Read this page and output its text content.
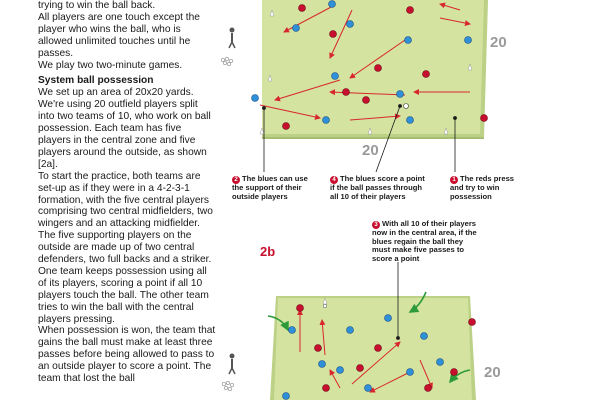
trying to win the ball back.

All players are one touch except the player who wins the ball, who is allowed unlimited touches until he passes.

We play two two-minute games.

System ball possession

We set up an area of 20x20 yards. We're using 20 outfield players split into two teams of 10, who work on ball possession. Each team has five players in the central zone and five players around the outside, as shown [2a].

To start the practice, both teams are set-up as if they were in a 4-2-3-1 formation, with the five central players comprising two central midfielders, two wingers and an attacking midfielder. The five supporting players on the outside are made up of two central defenders, two full backs and a striker.

One team keeps possession using all of its players, scoring a point if all 10 players touch the ball. The other team tries to win the ball with the central players pressing.

When possession is won, the team that gains the ball must make at least three passes before being allowed to pass to an outside player to score a point. The team that lost the ball

20
20
2 The blues can use the support of their outside players
4 The blues score a point if the ball passes through all 10 of their players
1 The reds press and try to win possession
2b
3 With all 10 of their players now in the central area, if the blues regain the ball they must make five passes to score a point
20
